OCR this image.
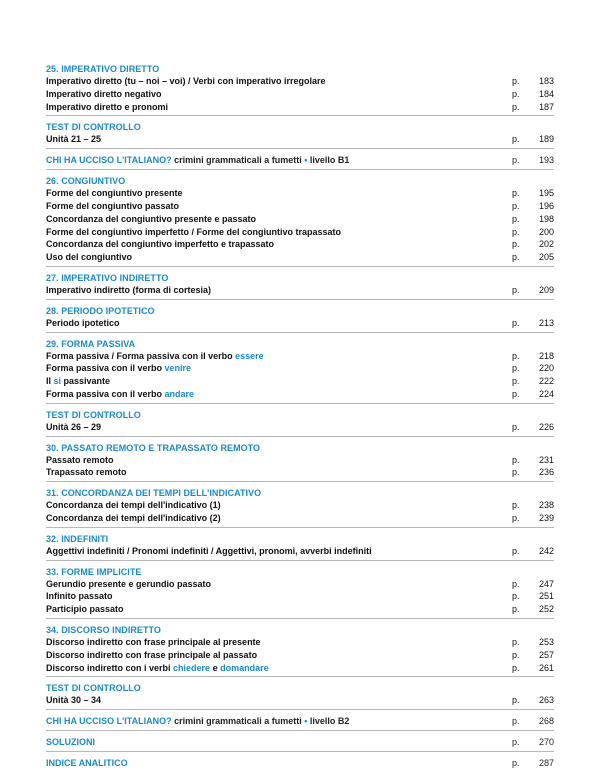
25. IMPERATIVO DIRETTO
Imperativo diretto (tu – noi – voi) / Verbi con imperativo irregolare	p. 183
Imperativo diretto negativo	p. 184
Imperativo diretto e pronomi	p. 187
TEST DI CONTROLLO
Unità 21 – 25	p. 189
CHI HA UCCISO L'ITALIANO? crimini grammaticali a fumetti • livello B1	p. 193
26. CONGIUNTIVO
Forme del congiuntivo presente	p. 195
Forme del congiuntivo passato	p. 196
Concordanza del congiuntivo presente e passato	p. 198
Forme del congiuntivo imperfetto / Forme del congiuntivo trapassato	p. 200
Concordanza del congiuntivo imperfetto e trapassato	p. 202
Uso del congiuntivo	p. 205
27. IMPERATIVO INDIRETTO
Imperativo indiretto (forma di cortesia)	p. 209
28. PERIODO IPOTETICO
Periodo ipotetico	p. 213
29. FORMA PASSIVA
Forma passiva / Forma passiva con il verbo essere	p. 218
Forma passiva con il verbo venire	p. 220
Il si passivante	p. 222
Forma passiva con il verbo andare	p. 224
TEST DI CONTROLLO
Unità 26 – 29	p. 226
30. PASSATO REMOTO E TRAPASSATO REMOTO
Passato remoto	p. 231
Trapassato remoto	p. 236
31. CONCORDANZA DEI TEMPI DELL'INDICATIVO
Concordanza dei tempi dell'indicativo (1)	p. 238
Concordanza dei tempi dell'indicativo (2)	p. 239
32. INDEFINITI
Aggettivi indefiniti / Pronomi indefiniti / Aggettivi, pronomi, avverbi indefiniti	p. 242
33. FORME IMPLICITE
Gerundio presente e gerundio passato	p. 247
Infinito passato	p. 251
Participio passato	p. 252
34. DISCORSO INDIRETTO
Discorso indiretto con frase principale al presente	p. 253
Discorso indiretto con frase principale al passato	p. 257
Discorso indiretto con i verbi chiedere e domandare	p. 261
TEST DI CONTROLLO
Unità 30 – 34	p. 263
CHI HA UCCISO L'ITALIANO? crimini grammaticali a fumetti • livello B2	p. 268
SOLUZIONI	p. 270
INDICE ANALITICO	p. 287
